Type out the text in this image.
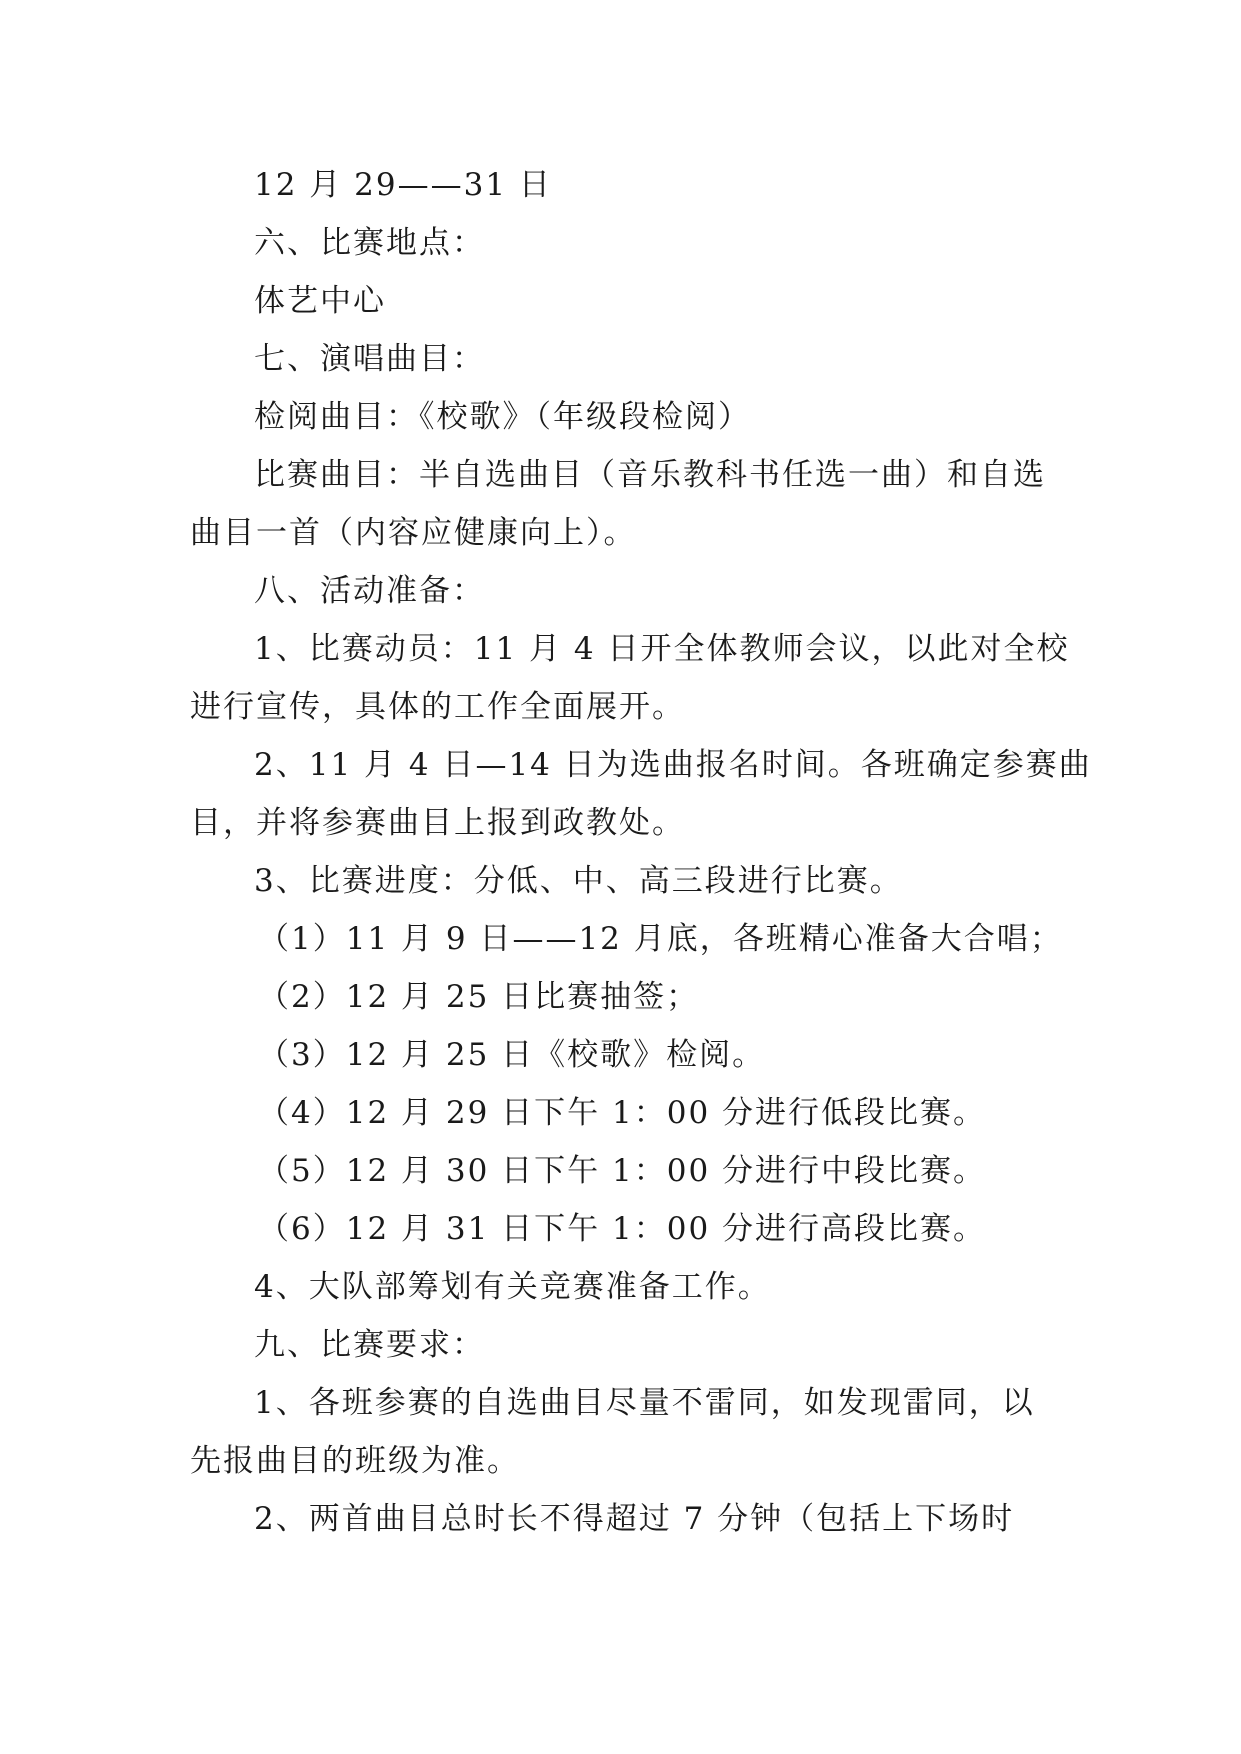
12 月 29——31 日

六、比赛地点：

体艺中心

七、演唱曲目：

检阅曲目：《校歌》（年级段检阅）

比赛曲目：半自选曲目（音乐教科书任选一曲）和自选

曲目一首（内容应健康向上）。

八、活动准备：

1、比赛动员：11 月 4 日开全体教师会议，以此对全校

进行宣传，具体的工作全面展开。

2、11 月 4 日—14 日为选曲报名时间。各班确定参赛曲

目，并将参赛曲目上报到政教处。

3、比赛进度：分低、中、高三段进行比赛。

（1）11 月 9 日——12 月底，各班精心准备大合唱；

（2）12 月 25 日比赛抽签；

（3）12 月 25 日《校歌》检阅。

（4）12 月 29 日下午 1：00 分进行低段比赛。

（5）12 月 30 日下午 1：00 分进行中段比赛。

（6）12 月 31 日下午 1：00 分进行高段比赛。

4、大队部筹划有关竞赛准备工作。

九、比赛要求：

1、各班参赛的自选曲目尽量不雷同，如发现雷同，以

先报曲目的班级为准。

2、两首曲目总时长不得超过 7 分钟（包括上下场时
